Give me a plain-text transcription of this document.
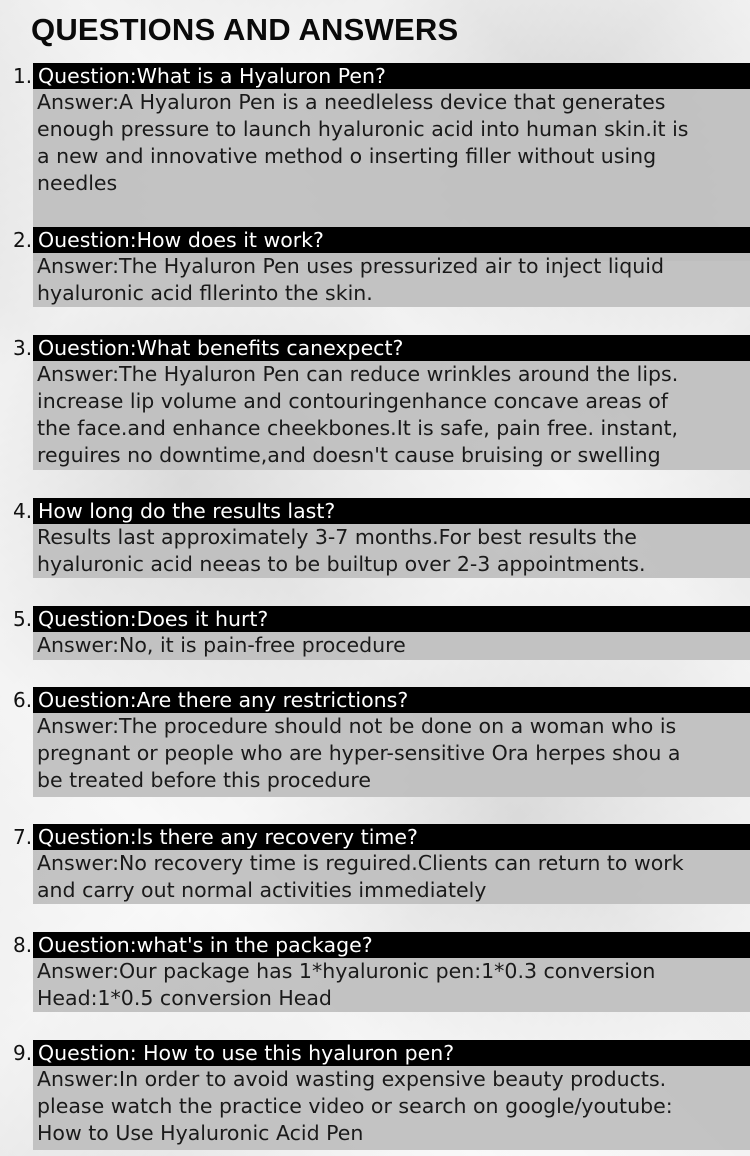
QUESTIONS AND ANSWERS
1. Question:What is a Hyaluron Pen?
Answer:A Hyaluron Pen is a needleless device that generates
enough pressure to launch hyaluronic acid into human skin.it is
a new and innovative method o inserting filler without using
needles
2. Ouestion:How does it work?
Answer:The Hyaluron Pen uses pressurized air to inject liquid
hyaluronic acid fllerinto the skin.
3. Ouestion:What benefits canexpect?
Answer:The Hyaluron Pen can reduce wrinkles around the lips.
increase lip volume and contouringenhance concave areas of
the face.and enhance cheekbones.It is safe, pain free. instant,
reguires no downtime,and doesn't cause bruising or swelling
4. How long do the results last?
Results last approximately 3-7 months.For best results the
hyaluronic acid neeas to be builtup over 2-3 appointments.
5. Question:Does it hurt?
Answer:No, it is pain-free procedure
6. Ouestion:Are there any restrictions?
Answer:The procedure should not be done on a woman who is
pregnant or people who are hyper-sensitive Ora herpes shou a
be treated before this procedure
7. Question:ls there any recovery time?
Answer:No recovery time is reguired.Clients can return to work
and carry out normal activities immediately
8. Ouestion:what's in the package?
Answer:Our package has 1*hyaluronic pen:1*0.3 conversion
Head:1*0.5 conversion Head
9. Question: How to use this hyaluron pen?
Answer:In order to avoid wasting expensive beauty products.
please watch the practice video or search on google/youtube:
How to Use Hyaluronic Acid Pen
